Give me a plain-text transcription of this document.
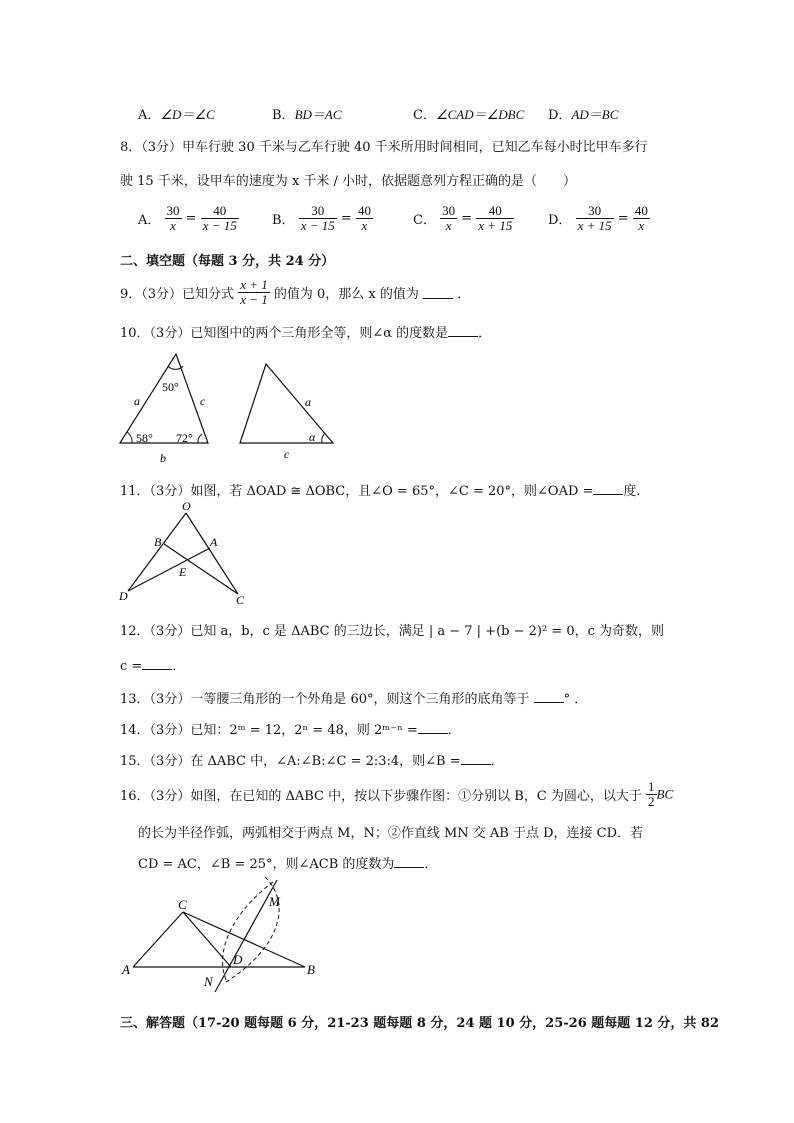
A．∠D＝∠C	B．BD＝AC	C．∠CAD＝∠DBC D．AD＝BC
8．（3分）甲车行驶 30 千米与乙车行驶 40 千米所用时间相同，已知乙车每小时比甲车多行
驶 15 千米，设甲车的速度为 x 千米 / 小时，依据题意列方程正确的是（　　）
A． $\frac{30}{x} = \frac{40}{x - 15}$	B． $\frac{30}{x - 15} = \frac{40}{x}$	C． $\frac{30}{x} = \frac{40}{x + 15}$	D． $\frac{30}{x + 15} = \frac{40}{x}$
二、填空题（每题 3 分，共 24 分）
9．（3分）已知分式 $\frac{x + 1}{x - 1}$ 的值为 0，那么 x 的值为	．
10．（3分）已知图中的两个三角形全等，则∠α 的度数是 ．
50°
58° 72°
a	c
b
a
c
α
11．（3分）如图，若 ΔOAD ≅ ΔOBC，且∠O = 65°，∠C = 20°，则∠OAD = 度．
O
B	A
E
D	C
12．（3分）已知 a，b，c 是 ΔABC 的三边长，满足 | a − 7 | +(b − 2)² = 0，c 为奇数，则
c = ．
13．（3分）一等腰三角形的一个外角是 60°，则这个三角形的底角等于	° ．
14．（3分）已知：2ᵐ = 12，2ⁿ = 48，则 2ᵐ⁻ⁿ = ．
15．（3分）在 ΔABC 中，∠A:∠B:∠C = 2:3:4，则∠B = ．
16．（3分）如图，在已知的 ΔABC 中，按以下步骤作图：①分别以 B，C 为圆心，以大于 $\frac{1}{2}$ BC
的长为半径作弧，两弧相交于两点 M，N；②作直线 MN 交 AB 于点 D，连接 CD．若
CD = AC，∠B = 25°，则∠ACB 的度数为 ．
C	M
A
D
B
N
三、解答题（17-20 题每题 6 分，21-23 题每题 8 分，24 题 10 分，25-26 题每题 12 分，共 82
